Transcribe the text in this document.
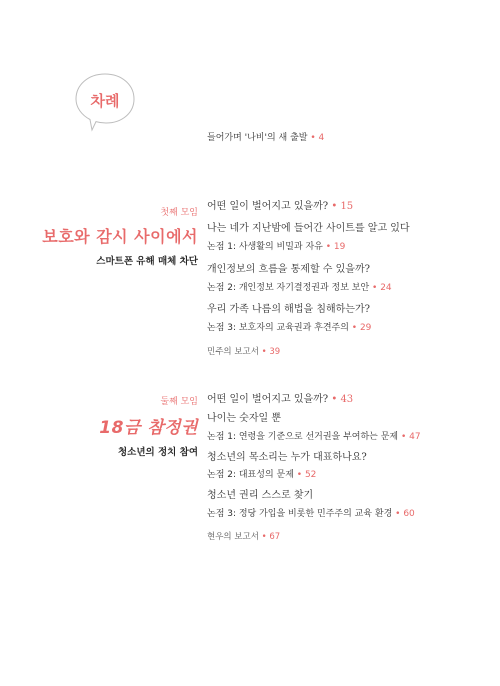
차례
들어가며 '나비'의 새 출발 • 4
첫째 모임
보호와 감시 사이에서
스마트폰 유해 매체 차단
어떤 일이 벌어지고 있을까? • 15
나는 네가 지난밤에 들어간 사이트를 알고 있다
논점 1: 사생활의 비밀과 자유 • 19
개인정보의 흐름을 통제할 수 있을까?
논점 2: 개인정보 자기결정권과 정보 보안 • 24
우리 가족 나름의 해법을 침해하는가?
논점 3: 보호자의 교육권과 후견주의 • 29
민주의 보고서 • 39
둘째 모임
18금 참정권
청소년의 정치 참여
어떤 일이 벌어지고 있을까? • 43
나이는 숫자일 뿐
논점 1: 연령을 기준으로 선거권을 부여하는 문제 • 47
청소년의 목소리는 누가 대표하나요?
논점 2: 대표성의 문제 • 52
청소년 권리 스스로 찾기
논점 3: 정당 가입을 비롯한 민주주의 교육 환경 • 60
현우의 보고서 • 67
